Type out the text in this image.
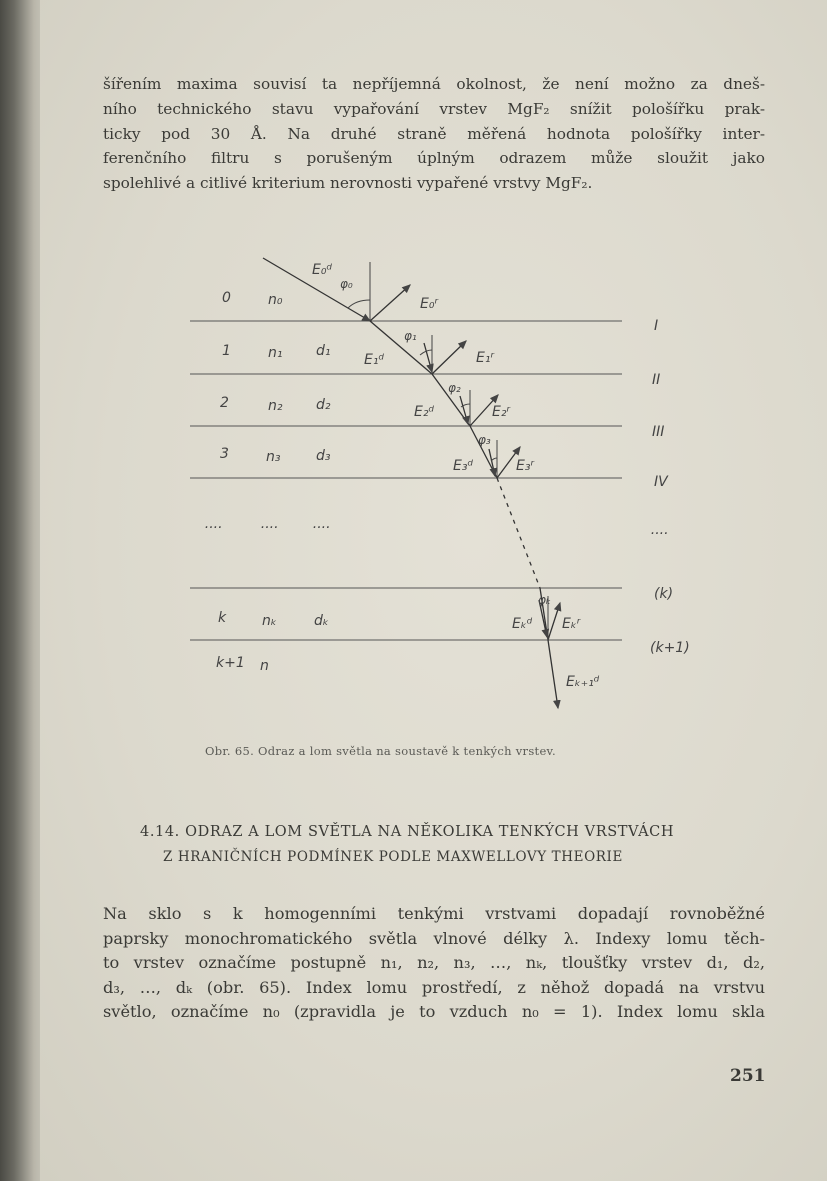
šířením maxima souvisí ta nepříjemná okolnost, že není možno za dneš-
ního technického stavu vypařování vrstev MgF₂ snížit pološířku prak-
ticky pod 30 Å. Na druhé straně měřená hodnota pološířky inter-
ferenčního filtru s porušeným úplným odrazem může sloužit jako
spolehlivé a citlivé kriterium nerovnosti vypařené vrstvy MgF₂.
0
1
2
3
····
k
k+1
n₀
n₁
n₂
n₃
····
nₖ
n
d₁
d₂
d₃
····
dₖ
I
II
III
IV
····
(k)
(k+1)
E₀ᵈ
E₁ᵈ
E₂ᵈ
E₃ᵈ
Eₖᵈ
Eₖ₊₁ᵈ
E₀ʳ
E₁ʳ
E₂ʳ
E₃ʳ
Eₖʳ
φ₀
φ₁
φ₂
φ₃
φₖ
Obr. 65. Odraz a lom světla na soustavě k tenkých vrstev.
4.14. ODRAZ A LOM SVĚTLA NA NĚKOLIKA TENKÝCH VRSTVÁCH
Z HRANIČNÍCH PODMÍNEK PODLE MAXWELLOVY THEORIE
Na sklo s k homogenními tenkými vrstvami dopadají rovnoběžné
paprsky monochromatického světla vlnové délky λ. Indexy lomu těch-
to vrstev označíme postupně n₁, n₂, n₃, …, nₖ, tloušťky vrstev d₁, d₂,
d₃, …, dₖ (obr. 65). Index lomu prostředí, z něhož dopadá na vrstvu
světlo, označíme n₀ (zpravidla je to vzduch n₀ = 1). Index lomu skla
251
